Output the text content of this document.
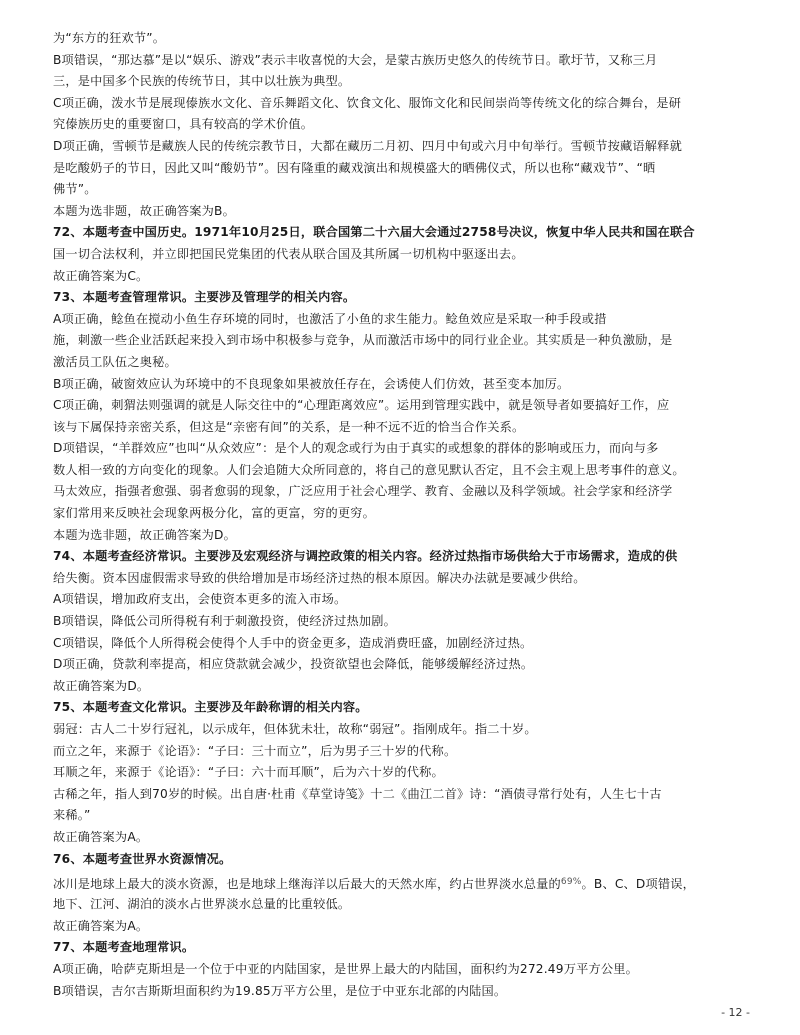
为“东方的狂欢节”。
B项错误，“那达慕”是以“娱乐、游戏”表示丰收喜悦的大会，是蒙古族历史悠久的传统节日。歌圩节，又称三月
三，是中国多个民族的传统节日，其中以壮族为典型。
C项正确，泼水节是展现傣族水文化、音乐舞蹈文化、饮食文化、服饰文化和民间崇尚等传统文化的综合舞台，是研
究傣族历史的重要窗口，具有较高的学术价值。
D项正确，雪顿节是藏族人民的传统宗教节日，大都在藏历二月初、四月中旬或六月中旬举行。雪顿节按藏语解释就
是吃酸奶子的节日，因此又叫“酸奶节”。因有隆重的藏戏演出和规模盛大的晒佛仪式，所以也称“藏戏节”、“晒
佛节”。
本题为选非题，故正确答案为B。
72、本题考查中国历史。1971年10月25日，联合国第二十六届大会通过2758号决议，恢复中华人民共和国在联合
国一切合法权利，并立即把国民党集团的代表从联合国及其所属一切机构中驱逐出去。
故正确答案为C。
73、本题考查管理常识。主要涉及管理学的相关内容。
A项正确，鲶鱼在搅动小鱼生存环境的同时，也激活了小鱼的求生能力。鲶鱼效应是采取一种手段或措
施，刺激一些企业活跃起来投入到市场中积极参与竞争，从而激活市场中的同行业企业。其实质是一种负激励，是
激活员工队伍之奥秘。
B项正确，破窗效应认为环境中的不良现象如果被放任存在，会诱使人们仿效，甚至变本加厉。
C项正确，刺猬法则强调的就是人际交往中的“心理距离效应”。运用到管理实践中，就是领导者如要搞好工作，应
该与下属保持亲密关系，但这是“亲密有间”的关系，是一种不远不近的恰当合作关系。
D项错误，“羊群效应”也叫“从众效应”：是个人的观念或行为由于真实的或想象的群体的影响或压力，而向与多
数人相一致的方向变化的现象。人们会追随大众所同意的，将自己的意见默认否定，且不会主观上思考事件的意义。
马太效应，指强者愈强、弱者愈弱的现象，广泛应用于社会心理学、教育、金融以及科学领域。社会学家和经济学
家们常用来反映社会现象两极分化，富的更富，穷的更穷。
本题为选非题，故正确答案为D。
74、本题考查经济常识。主要涉及宏观经济与调控政策的相关内容。经济过热指市场供给大于市场需求，造成的供
给失衡。资本因虚假需求导致的供给增加是市场经济过热的根本原因。解决办法就是要减少供给。
A项错误，增加政府支出，会使资本更多的流入市场。
B项错误，降低公司所得税有利于刺激投资，使经济过热加剧。
C项错误，降低个人所得税会使得个人手中的资金更多，造成消费旺盛，加剧经济过热。
D项正确，贷款利率提高，相应贷款就会减少，投资欲望也会降低，能够缓解经济过热。
故正确答案为D。
75、本题考查文化常识。主要涉及年龄称谓的相关内容。
弱冠：古人二十岁行冠礼，以示成年，但体犹未壮，故称“弱冠”。指刚成年。指二十岁。
而立之年，来源于《论语》：“子曰：三十而立”，后为男子三十岁的代称。
耳顺之年，来源于《论语》：“子曰：六十而耳顺”，后为六十岁的代称。
古稀之年，指人到70岁的时候。出自唐·杜甫《草堂诗笺》十二《曲江二首》诗：“酒债寻常行处有，人生七十古
来稀。”
故正确答案为A。
76、本题考查世界水资源情况。
冰川是地球上最大的淡水资源，也是地球上继海洋以后最大的天然水库，约占世界淡水总量的$^{69\%}$。B、C、D项错误，
地下、江河、湖泊的淡水占世界淡水总量的比重较低。
故正确答案为A。
77、本题考查地理常识。
A项正确，哈萨克斯坦是一个位于中亚的内陆国家，是世界上最大的内陆国，面积约为272.49万平方公里。
B项错误，吉尔吉斯斯坦面积约为19.85万平方公里，是位于中亚东北部的内陆国。
- 12 -
